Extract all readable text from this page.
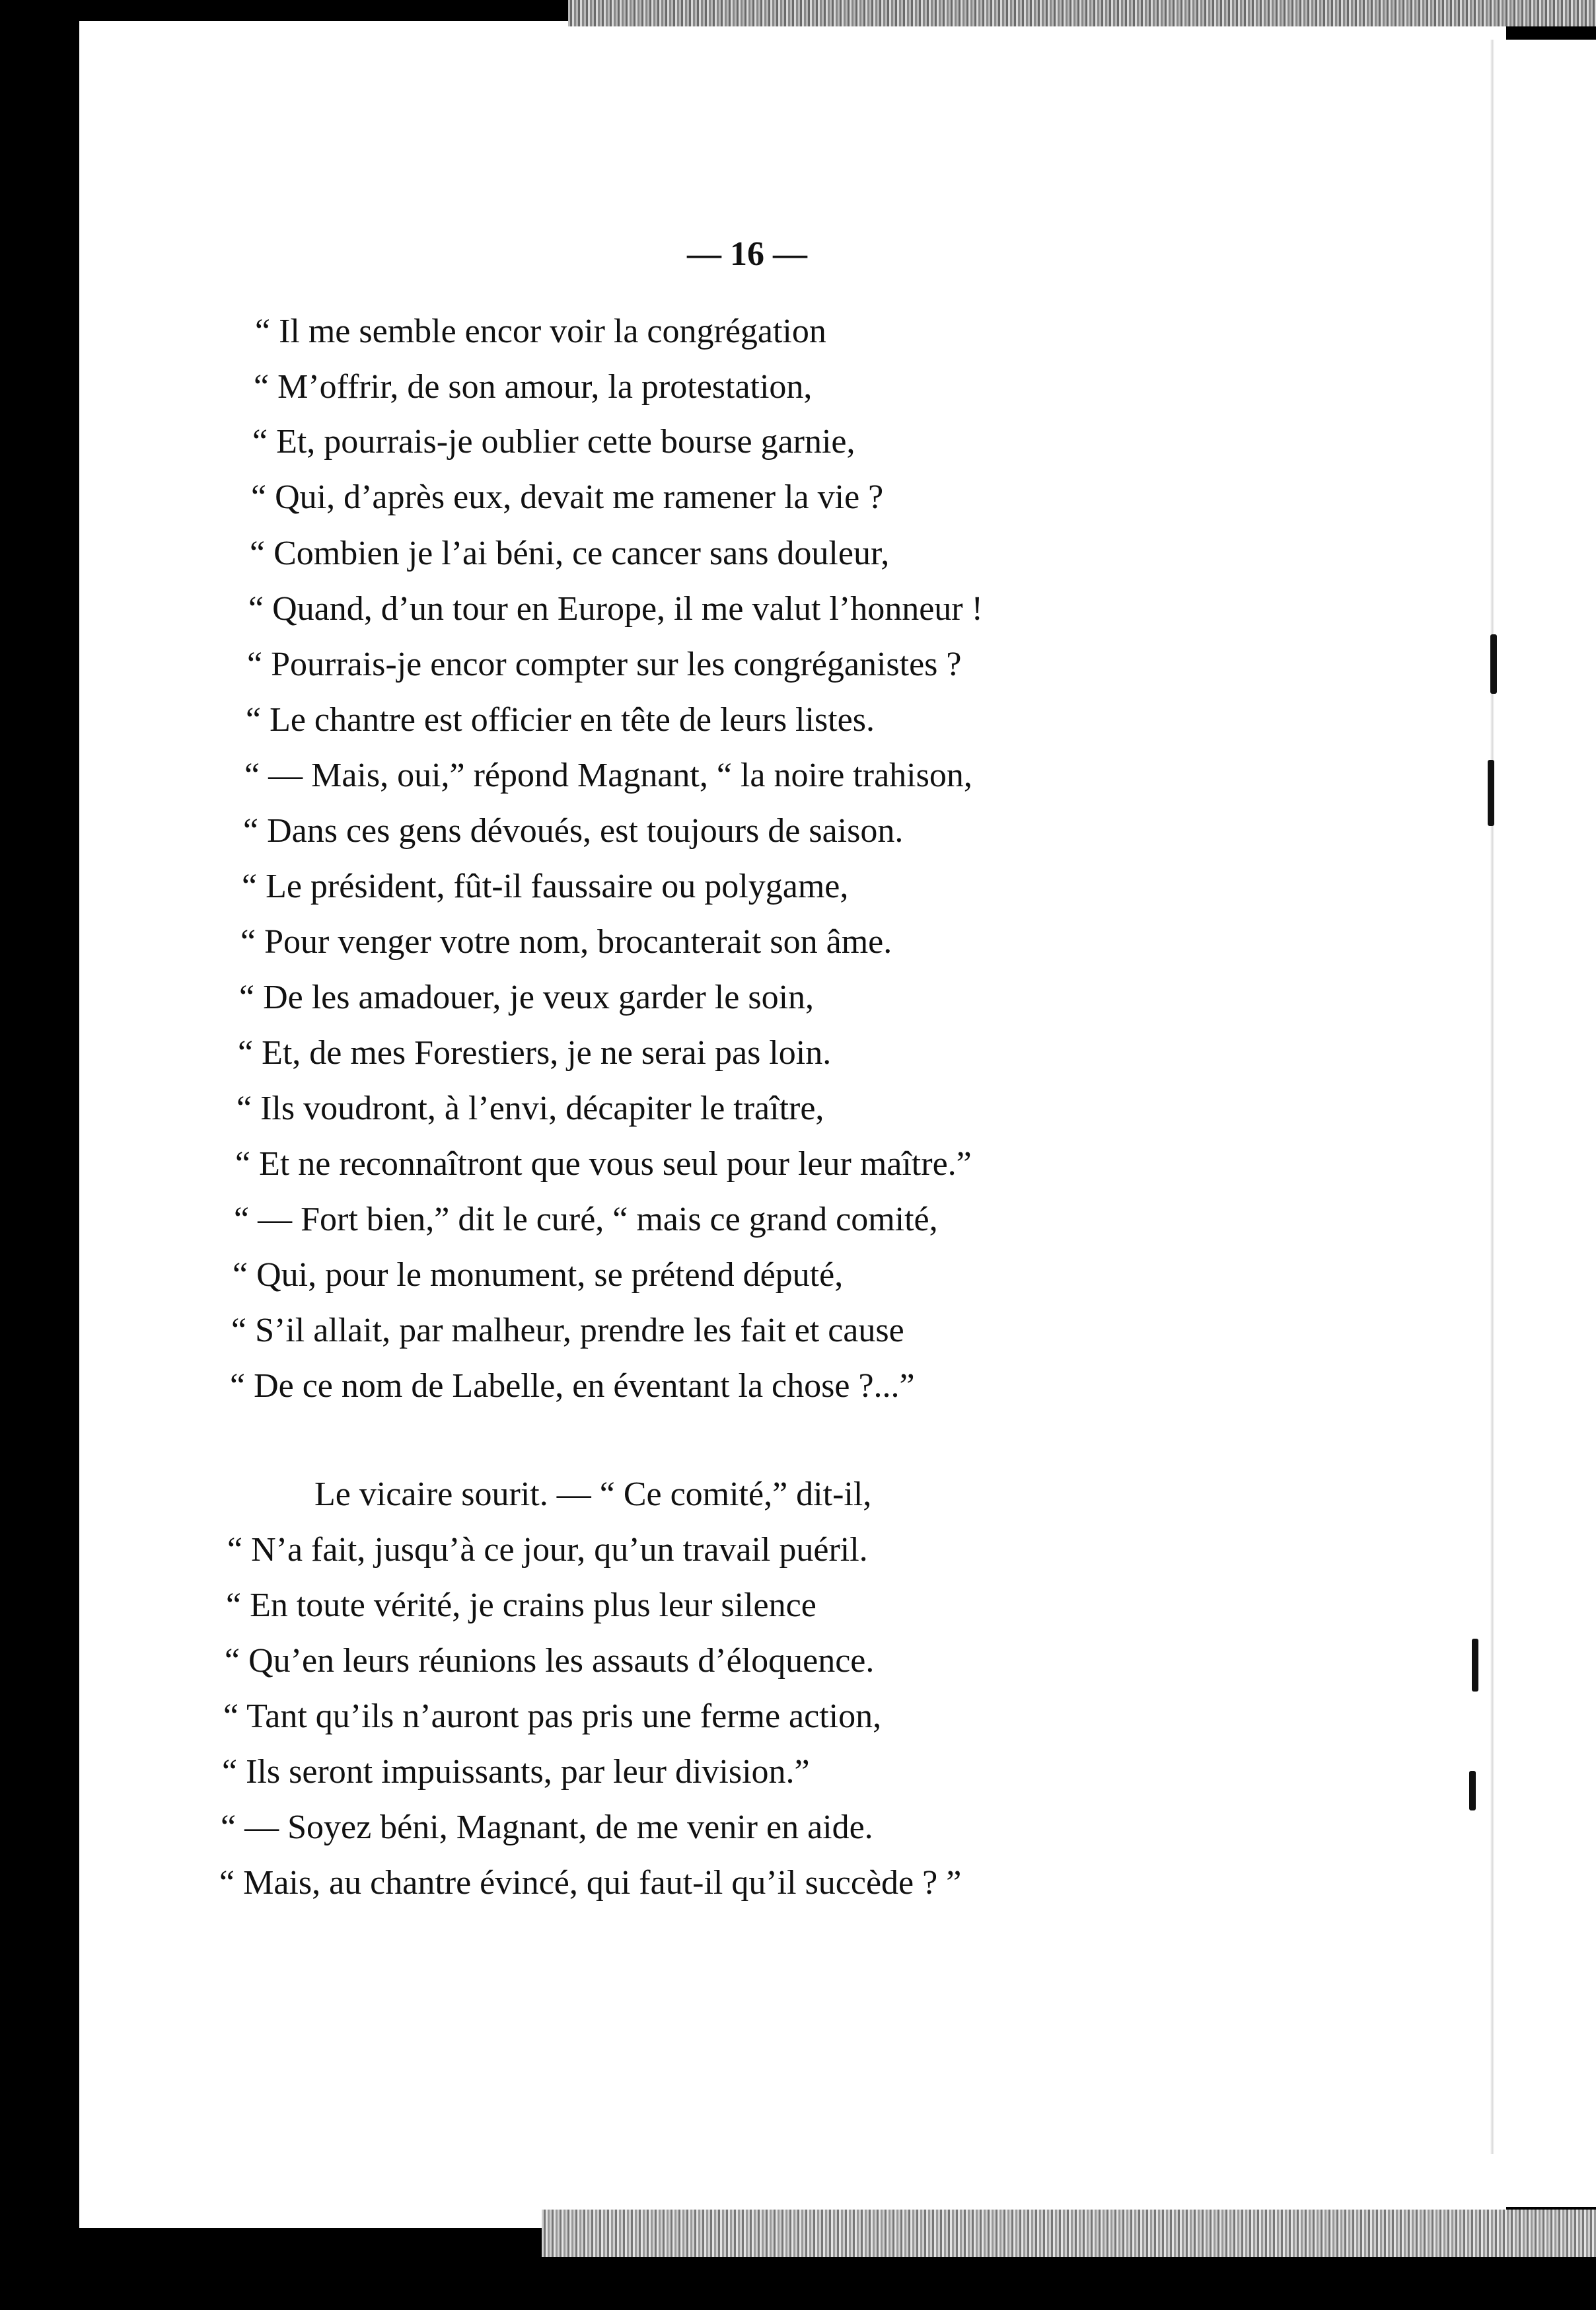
— 16 —
“ Il me semble encor voir la congrégation
“ M’offrir, de son amour, la protestation,
“ Et, pourrais-je oublier cette bourse garnie,
“ Qui, d’après eux, devait me ramener la vie ?
“ Combien je l’ai béni, ce cancer sans douleur,
“ Quand, d’un tour en Europe, il me valut l’honneur !
“ Pourrais-je encor compter sur les congréganistes ?
“ Le chantre est officier en tête de leurs listes.
“ — Mais, oui,” répond Magnant, “ la noire trahison,
“ Dans ces gens dévoués, est toujours de saison.
“ Le président, fût-il faussaire ou polygame,
“ Pour venger votre nom, brocanterait son âme.
“ De les amadouer, je veux garder le soin,
“ Et, de mes Forestiers, je ne serai pas loin.
“ Ils voudront, à l’envi, décapiter le traître,
“ Et ne reconnaîtront que vous seul pour leur maître.”
“ — Fort bien,” dit le curé, “ mais ce grand comité,
“ Qui, pour le monument, se prétend député,
“ S’il allait, par malheur, prendre les fait et cause
“ De ce nom de Labelle, en éventant la chose ?...”
Le vicaire sourit. — “ Ce comité,” dit-il,
“ N’a fait, jusqu’à ce jour, qu’un travail puéril.
“ En toute vérité, je crains plus leur silence
“ Qu’en leurs réunions les assauts d’éloquence.
“ Tant qu’ils n’auront pas pris une ferme action,
“ Ils seront impuissants, par leur division.”
“ — Soyez béni, Magnant, de me venir en aide.
“ Mais, au chantre évincé, qui faut-il qu’il succède ? ”
